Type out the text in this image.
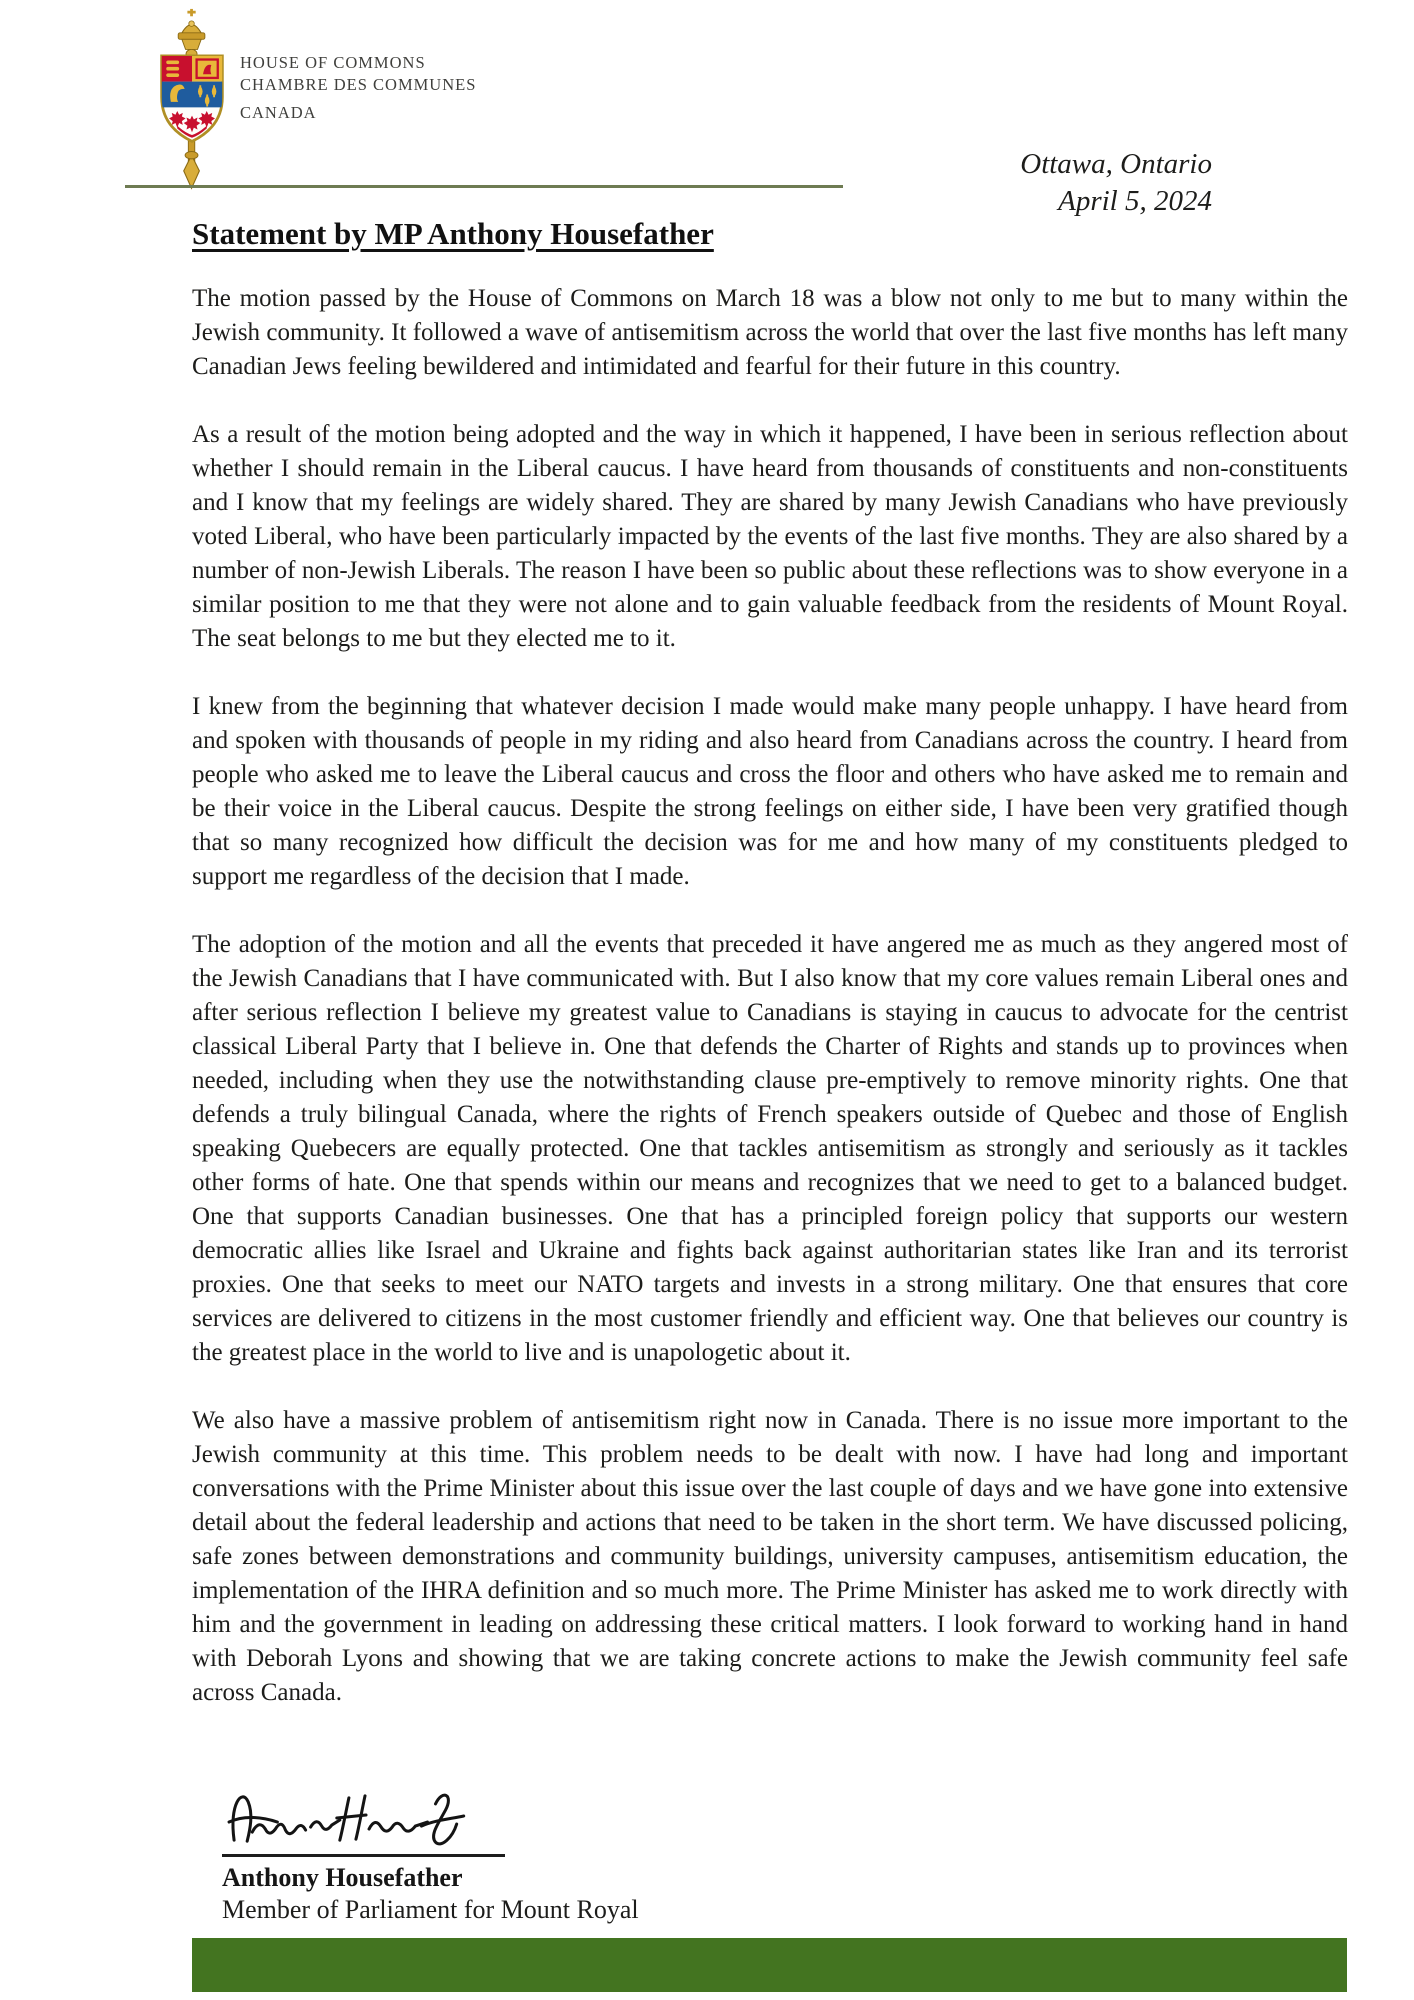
HOUSE OF COMMONS
CHAMBRE DES COMMUNES
CANADA
Ottawa, Ontario
April 5, 2024
Statement by MP Anthony Housefather

The motion passed by the House of Commons on March 18 was a blow not only to me but to many within the Jewish community. It followed a wave of antisemitism across the world that over the last five months has left many Canadian Jews feeling bewildered and intimidated and fearful for their future in this country.

As a result of the motion being adopted and the way in which it happened, I have been in serious reflection about whether I should remain in the Liberal caucus. I have heard from thousands of constituents and non-constituents and I know that my feelings are widely shared. They are shared by many Jewish Canadians who have previously voted Liberal, who have been particularly impacted by the events of the last five months. They are also shared by a number of non-Jewish Liberals. The reason I have been so public about these reflections was to show everyone in a similar position to me that they were not alone and to gain valuable feedback from the residents of Mount Royal. The seat belongs to me but they elected me to it.

I knew from the beginning that whatever decision I made would make many people unhappy. I have heard from and spoken with thousands of people in my riding and also heard from Canadians across the country. I heard from people who asked me to leave the Liberal caucus and cross the floor and others who have asked me to remain and be their voice in the Liberal caucus. Despite the strong feelings on either side, I have been very gratified though that so many recognized how difficult the decision was for me and how many of my constituents pledged to support me regardless of the decision that I made.

The adoption of the motion and all the events that preceded it have angered me as much as they angered most of the Jewish Canadians that I have communicated with. But I also know that my core values remain Liberal ones and after serious reflection I believe my greatest value to Canadians is staying in caucus to advocate for the centrist classical Liberal Party that I believe in. One that defends the Charter of Rights and stands up to provinces when needed, including when they use the notwithstanding clause pre-emptively to remove minority rights. One that defends a truly bilingual Canada, where the rights of French speakers outside of Quebec and those of English speaking Quebecers are equally protected. One that tackles antisemitism as strongly and seriously as it tackles other forms of hate. One that spends within our means and recognizes that we need to get to a balanced budget. One that supports Canadian businesses. One that has a principled foreign policy that supports our western democratic allies like Israel and Ukraine and fights back against authoritarian states like Iran and its terrorist proxies. One that seeks to meet our NATO targets and invests in a strong military. One that ensures that core services are delivered to citizens in the most customer friendly and efficient way. One that believes our country is the greatest place in the world to live and is unapologetic about it.

We also have a massive problem of antisemitism right now in Canada. There is no issue more important to the Jewish community at this time. This problem needs to be dealt with now. I have had long and important conversations with the Prime Minister about this issue over the last couple of days and we have gone into extensive detail about the federal leadership and actions that need to be taken in the short term. We have discussed policing, safe zones between demonstrations and community buildings, university campuses, antisemitism education, the implementation of the IHRA definition and so much more. The Prime Minister has asked me to work directly with him and the government in leading on addressing these critical matters. I look forward to working hand in hand with Deborah Lyons and showing that we are taking concrete actions to make the Jewish community feel safe across Canada.

Anthony Housefather
Member of Parliament for Mount Royal
